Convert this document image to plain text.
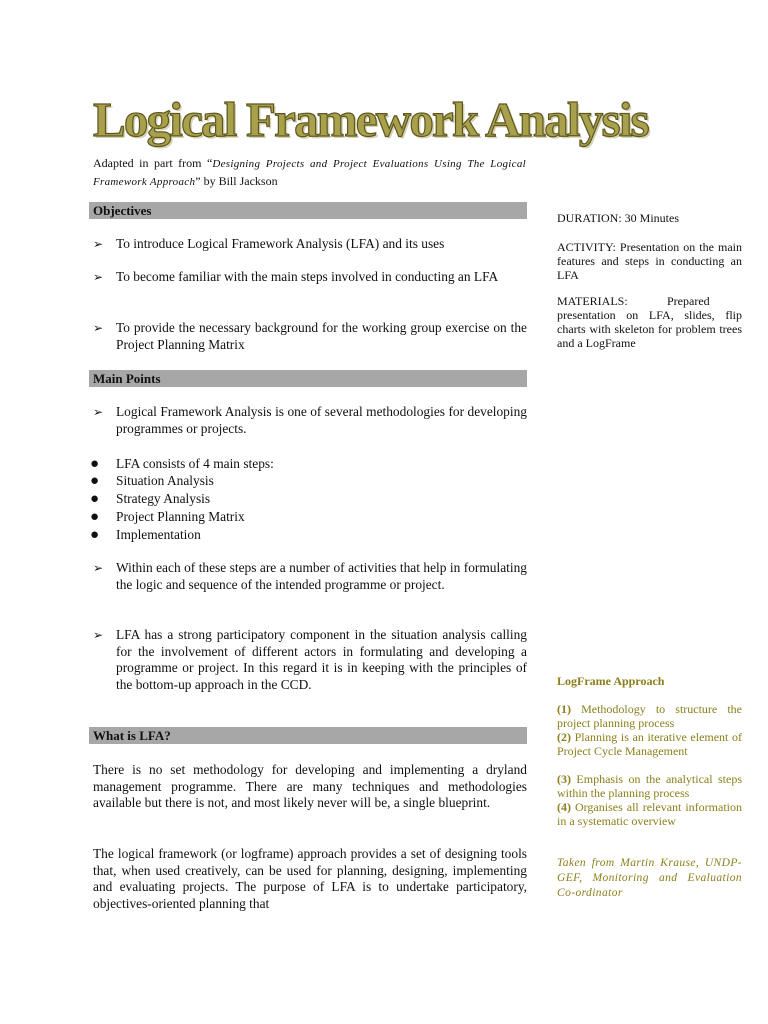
Logical Framework Analysis

Adapted in part from “Designing Projects and Project Evaluations Using The Logical Framework Approach” by Bill Jackson

Objectives
➢ To introduce Logical Framework Analysis (LFA) and its uses
➢ To become familiar with the main steps involved in conducting an LFA
➢ To provide the necessary background for the working group exercise on the Project Planning Matrix
Main Points
➢ Logical Framework Analysis is one of several methodologies for developing programmes or projects.
● LFA consists of 4 main steps:
● Situation Analysis
● Strategy Analysis
● Project Planning Matrix
● Implementation
➢ Within each of these steps are a number of activities that help in formulating the logic and sequence of the intended programme or project.
➢ LFA has a strong participatory component in the situation analysis calling for the involvement of different actors in formulating and developing a programme or project. In this regard it is in keeping with the principles of the bottom-up approach in the CCD.
What is LFA?

There is no set methodology for developing and implementing a dryland management programme. There are many techniques and methodologies available but there is not, and most likely never will be, a single blueprint.

The logical framework (or logframe) approach provides a set of designing tools that, when used creatively, can be used for planning, designing, implementing and evaluating projects. The purpose of LFA is to undertake participatory, objectives-oriented planning that

DURATION: 30 Minutes

ACTIVITY: Presentation on the main features and steps in conducting an LFA

MATERIALS:	Prepared presentation on LFA, slides, flip charts with skeleton for problem trees and a LogFrame
LogFrame Approach
(1) Methodology to structure the project planning process
(2) Planning is an iterative element of Project Cycle Management
(3) Emphasis on the analytical steps within the planning process
(4) Organises all relevant information in a systematic overview
Taken from Martin Krause, UNDP-GEF, Monitoring and Evaluation Co-ordinator
